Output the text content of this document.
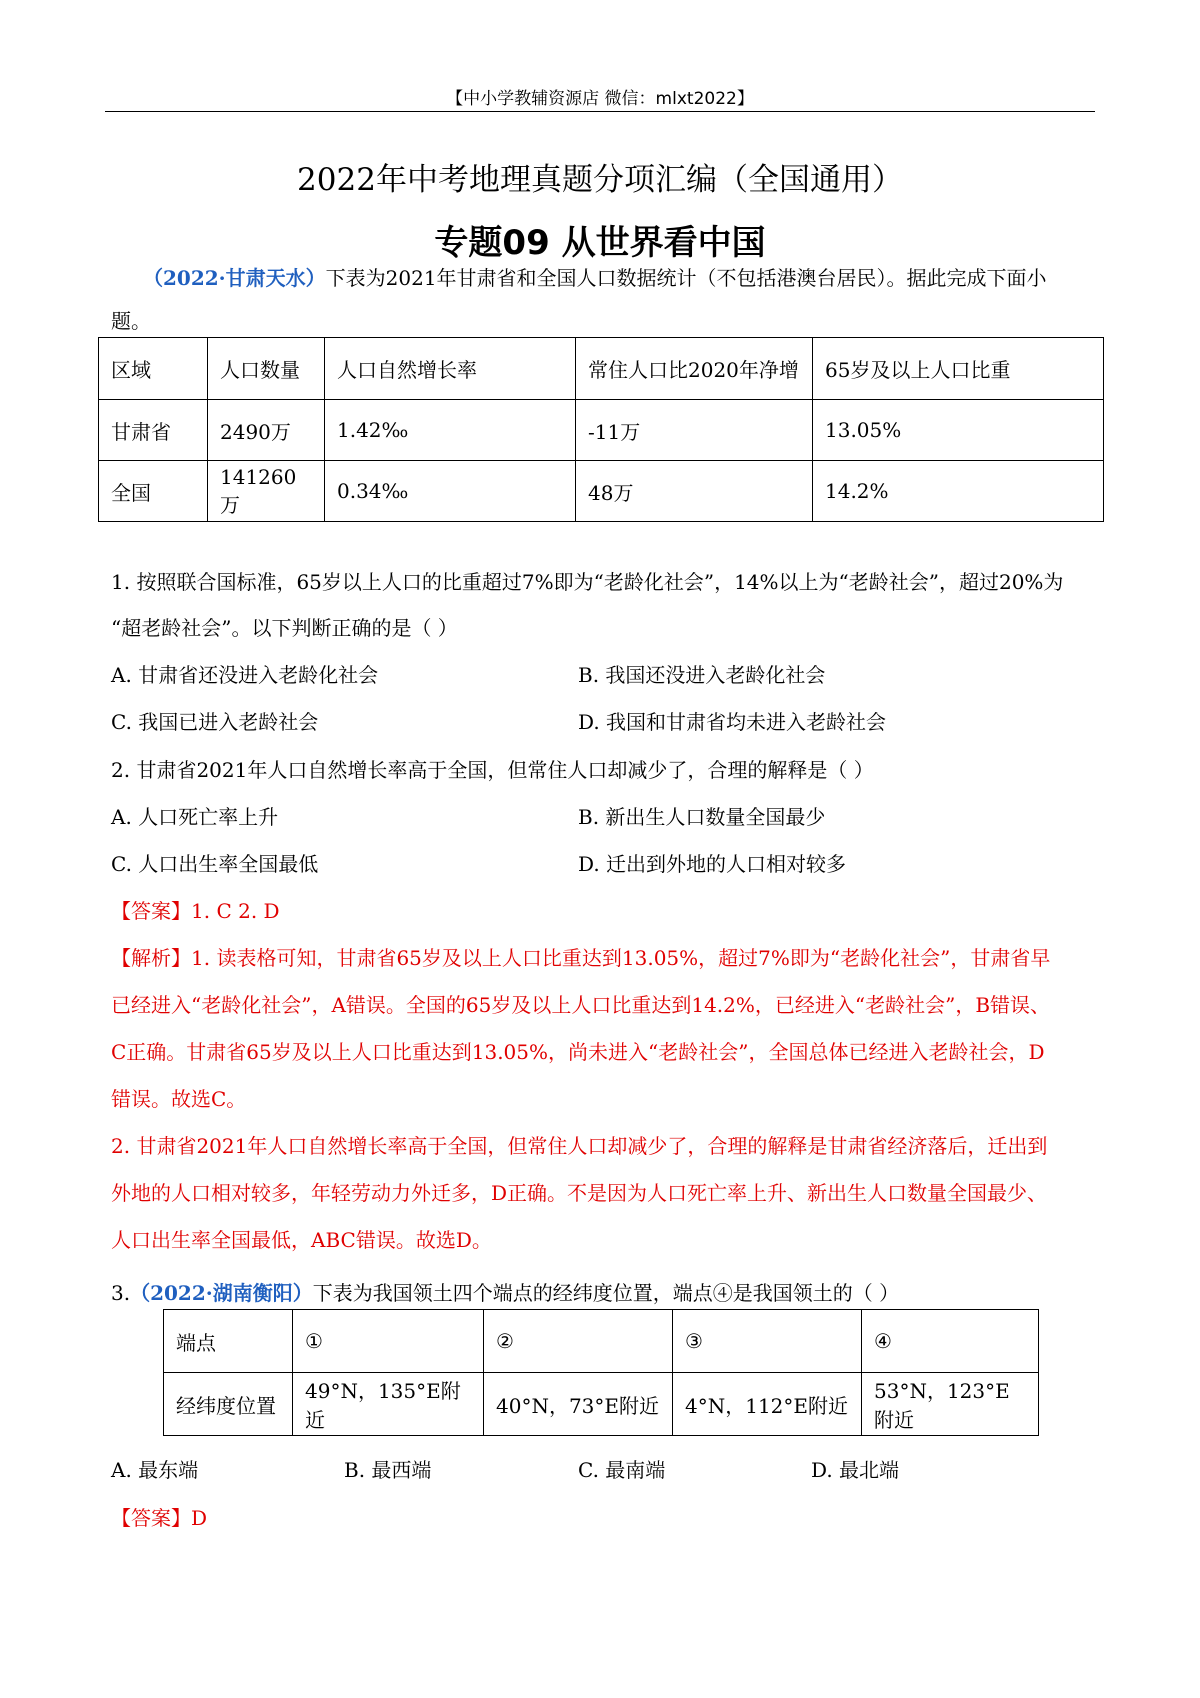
【中小学教辅资源店 微信：mlxt2022】
2022年中考地理真题分项汇编（全国通用）
专题09 从世界看中国
（2022·甘肃天水）下表为2021年甘肃省和全国人口数据统计（不包括港澳台居民）。据此完成下面小
题。
区域	人口数量	人口自然增长率	常住人口比2020年净增	65岁及以上人口比重
甘肃省	2490万	1.42‰	-11万	13.05%
全国	141260万	0.34‰	48万	14.2%
1. 按照联合国标准，65岁以上人口的比重超过7%即为“老龄化社会”，14%以上为“老龄社会”，超过20%为
“超老龄社会”。以下判断正确的是（ ）
A. 甘肃省还没进入老龄化社会	B. 我国还没进入老龄化社会
C. 我国已进入老龄社会	D. 我国和甘肃省均未进入老龄社会
2. 甘肃省2021年人口自然增长率高于全国，但常住人口却减少了，合理的解释是（ ）
A. 人口死亡率上升	B. 新出生人口数量全国最少
C. 人口出生率全国最低	D. 迁出到外地的人口相对较多
【答案】1. C 2. D
【解析】1. 读表格可知，甘肃省65岁及以上人口比重达到13.05%，超过7%即为“老龄化社会”，甘肃省早
已经进入“老龄化社会”，A错误。全国的65岁及以上人口比重达到14.2%，已经进入“老龄社会”，B错误、
C正确。甘肃省65岁及以上人口比重达到13.05%，尚未进入“老龄社会”，全国总体已经进入老龄社会，D
错误。故选C。
2. 甘肃省2021年人口自然增长率高于全国，但常住人口却减少了，合理的解释是甘肃省经济落后，迁出到
外地的人口相对较多，年轻劳动力外迁多，D正确。不是因为人口死亡率上升、新出生人口数量全国最少、
人口出生率全国最低，ABC错误。故选D。
3.（2022·湖南衡阳）下表为我国领土四个端点的经纬度位置，端点④是我国领土的（ ）
端点	①	②	③	④
经纬度位置	49°N，135°E附近	40°N，73°E附近	4°N，112°E附近	53°N，123°E附近
A. 最东端	B. 最西端	C. 最南端	D. 最北端
【答案】D
